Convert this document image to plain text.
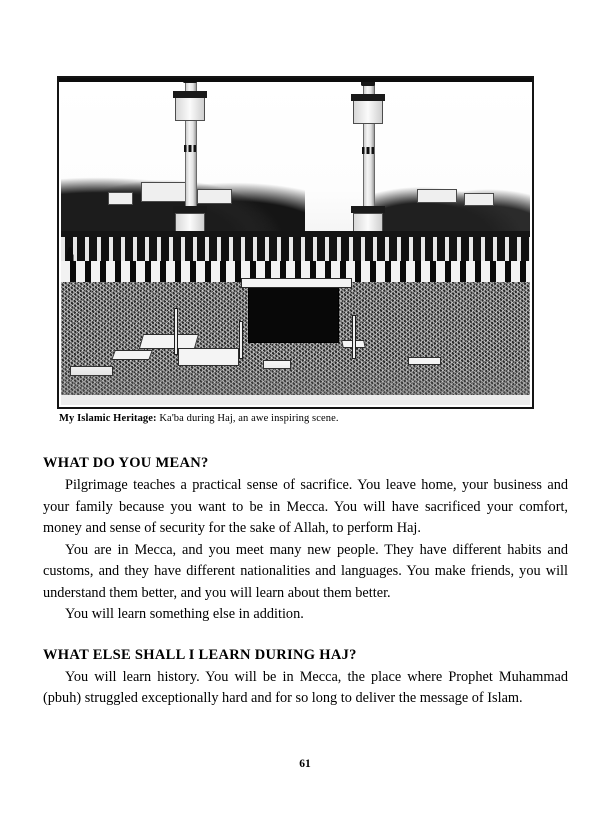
My Islamic Heritage: Ka'ba during Haj, an awe inspiring scene.
WHAT DO YOU MEAN?

Pilgrimage teaches a practical sense of sacrifice. You leave home, your business and your family because you want to be in Mecca. You will have sacrificed your comfort, money and sense of security for the sake of Allah, to perform Haj.

You are in Mecca, and you meet many new people. They have different habits and customs, and they have different nationalities and languages. You make friends, you will understand them better, and you will learn about them better.

You will learn something else in addition.

WHAT ELSE SHALL I LEARN DURING HAJ?

You will learn history. You will be in Mecca, the place where Prophet Muhammad (pbuh) struggled exceptionally hard and for so long to deliver the message of Islam.

61
